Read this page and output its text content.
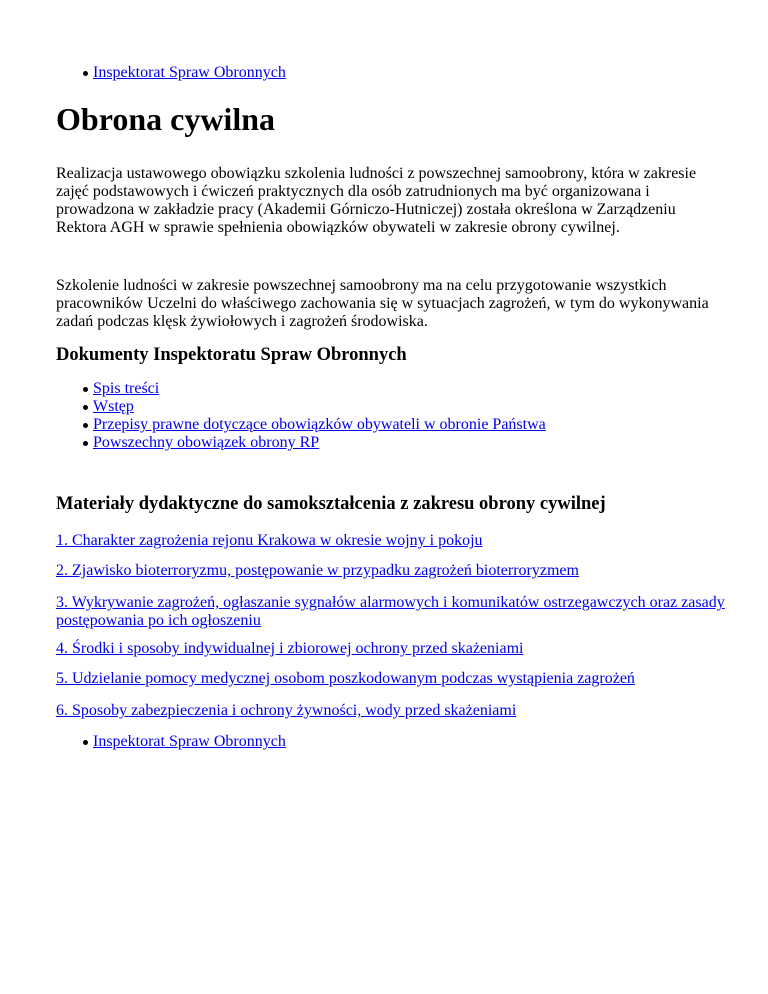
Inspektorat Spraw Obronnych
Obrona cywilna

Realizacja ustawowego obowiązku szkolenia ludności z powszechnej samoobrony, która w zakresie zajęć podstawowych i ćwiczeń praktycznych dla osób zatrudnionych ma być organizowana i prowadzona w zakładzie pracy (Akademii Górniczo-Hutniczej) została określona w Zarządzeniu Rektora AGH w sprawie spełnienia obowiązków obywateli w zakresie obrony cywilnej.

Szkolenie ludności w zakresie powszechnej samoobrony ma na celu przygotowanie wszystkich pracowników Uczelni do właściwego zachowania się w sytuacjach zagrożeń, w tym do wykonywania zadań podczas klęsk żywiołowych i zagrożeń środowiska.

Dokumenty Inspektoratu Spraw Obronnych
Spis treści
Wstęp
Przepisy prawne dotyczące obowiązków obywateli w obronie Państwa
Powszechny obowiązek obrony RP
Materiały dydaktyczne do samokształcenia z zakresu obrony cywilnej

1. Charakter zagrożenia rejonu Krakowa w okresie wojny i pokoju

2. Zjawisko bioterroryzmu, postępowanie w przypadku zagrożeń bioterroryzmem

3. Wykrywanie zagrożeń, ogłaszanie sygnałów alarmowych i komunikatów ostrzegawczych oraz zasady postępowania po ich ogłoszeniu

4. Środki i sposoby indywidualnej i zbiorowej ochrony przed skażeniami

5. Udzielanie pomocy medycznej osobom poszkodowanym podczas wystąpienia zagrożeń

6. Sposoby zabezpieczenia i ochrony żywności, wody przed skażeniami

Inspektorat Spraw Obronnych
